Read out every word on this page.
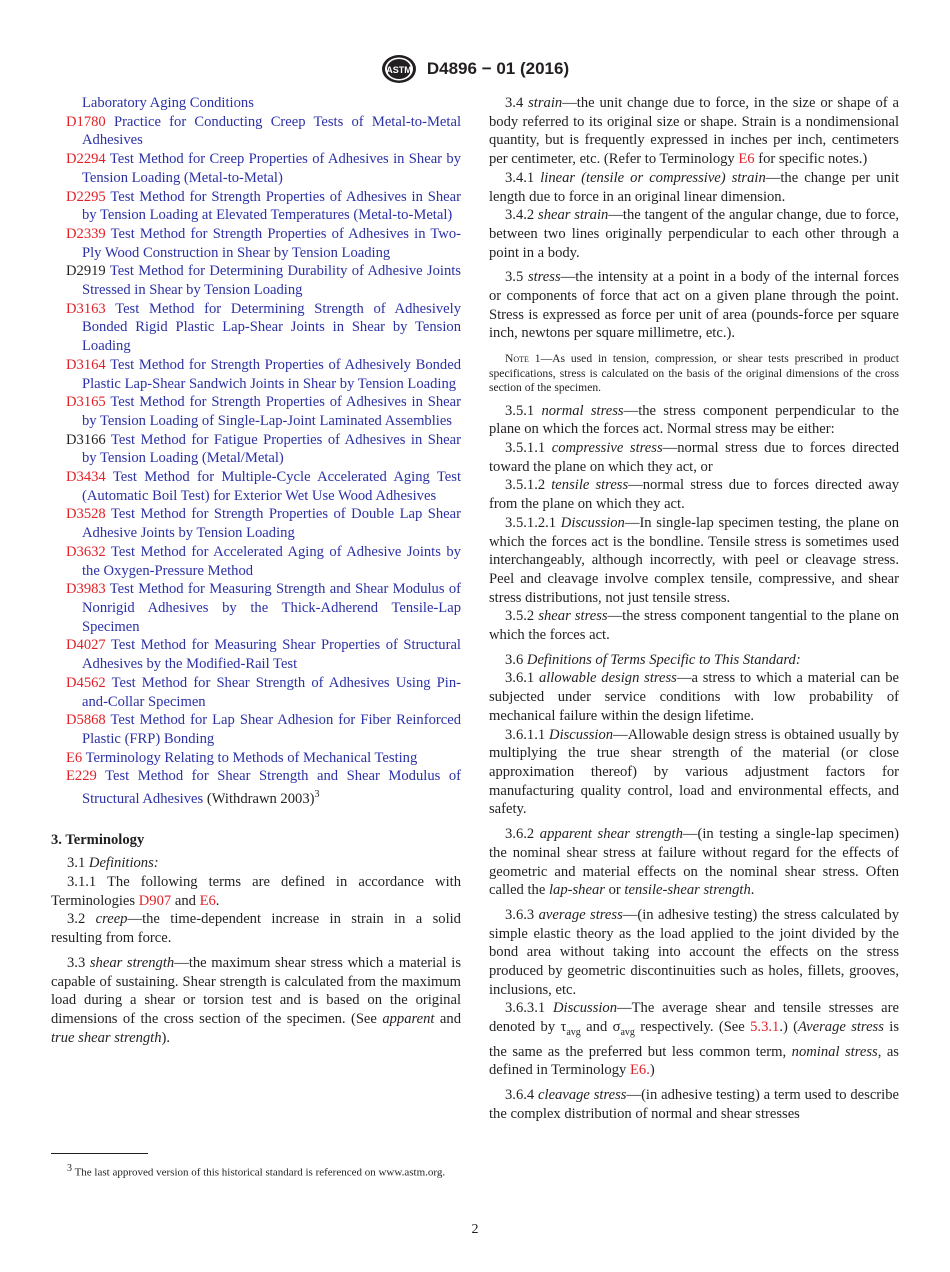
ASTM D4896 − 01 (2016)

Laboratory Aging Conditions

D1780 Practice for Conducting Creep Tests of Metal-to-Metal Adhesives

D2294 Test Method for Creep Properties of Adhesives in Shear by Tension Loading (Metal-to-Metal)

D2295 Test Method for Strength Properties of Adhesives in Shear by Tension Loading at Elevated Temperatures (Metal-to-Metal)

D2339 Test Method for Strength Properties of Adhesives in Two-Ply Wood Construction in Shear by Tension Loading

D2919 Test Method for Determining Durability of Adhesive Joints Stressed in Shear by Tension Loading

D3163 Test Method for Determining Strength of Adhesively Bonded Rigid Plastic Lap-Shear Joints in Shear by Tension Loading

D3164 Test Method for Strength Properties of Adhesively Bonded Plastic Lap-Shear Sandwich Joints in Shear by Tension Loading

D3165 Test Method for Strength Properties of Adhesives in Shear by Tension Loading of Single-Lap-Joint Laminated Assemblies

D3166 Test Method for Fatigue Properties of Adhesives in Shear by Tension Loading (Metal/Metal)

D3434 Test Method for Multiple-Cycle Accelerated Aging Test (Automatic Boil Test) for Exterior Wet Use Wood Adhesives

D3528 Test Method for Strength Properties of Double Lap Shear Adhesive Joints by Tension Loading

D3632 Test Method for Accelerated Aging of Adhesive Joints by the Oxygen-Pressure Method

D3983 Test Method for Measuring Strength and Shear Modulus of Nonrigid Adhesives by the Thick-Adherend Tensile-Lap Specimen

D4027 Test Method for Measuring Shear Properties of Structural Adhesives by the Modified-Rail Test

D4562 Test Method for Shear Strength of Adhesives Using Pin-and-Collar Specimen

D5868 Test Method for Lap Shear Adhesion for Fiber Reinforced Plastic (FRP) Bonding

E6 Terminology Relating to Methods of Mechanical Testing

E229 Test Method for Shear Strength and Shear Modulus of Structural Adhesives (Withdrawn 2003)$^3$

3. Terminology

3.1 Definitions:

3.1.1 The following terms are defined in accordance with Terminologies D907 and E6.

3.2 creep—the time-dependent increase in strain in a solid resulting from force.

3.3 shear strength—the maximum shear stress which a material is capable of sustaining. Shear strength is calculated from the maximum load during a shear or torsion test and is based on the original dimensions of the cross section of the specimen. (See apparent and true shear strength).

$^3$ The last approved version of this historical standard is referenced on www.astm.org.

3.4 strain—the unit change due to force, in the size or shape of a body referred to its original size or shape. Strain is a nondimensional quantity, but is frequently expressed in inches per inch, centimeters per centimeter, etc. (Refer to Terminology E6 for specific notes.)

3.4.1 linear (tensile or compressive) strain—the change per unit length due to force in an original linear dimension.

3.4.2 shear strain—the tangent of the angular change, due to force, between two lines originally perpendicular to each other through a point in a body.

3.5 stress—the intensity at a point in a body of the internal forces or components of force that act on a given plane through the point. Stress is expressed as force per unit of area (pounds-force per square inch, newtons per square millimetre, etc.).

Note 1—As used in tension, compression, or shear tests prescribed in product specifications, stress is calculated on the basis of the original dimensions of the cross section of the specimen.

3.5.1 normal stress—the stress component perpendicular to the plane on which the forces act. Normal stress may be either:

3.5.1.1 compressive stress—normal stress due to forces directed toward the plane on which they act, or

3.5.1.2 tensile stress—normal stress due to forces directed away from the plane on which they act.

3.5.1.2.1 Discussion—In single-lap specimen testing, the plane on which the forces act is the bondline. Tensile stress is sometimes used interchangeably, although incorrectly, with peel or cleavage stress. Peel and cleavage involve complex tensile, compressive, and shear stress distributions, not just tensile stress.

3.5.2 shear stress—the stress component tangential to the plane on which the forces act.

3.6 Definitions of Terms Specific to This Standard:

3.6.1 allowable design stress—a stress to which a material can be subjected under service conditions with low probability of mechanical failure within the design lifetime.

3.6.1.1 Discussion—Allowable design stress is obtained usually by multiplying the true shear strength of the material (or close approximation thereof) by various adjustment factors for manufacturing quality control, load and environmental effects, and safety.

3.6.2 apparent shear strength—(in testing a single-lap specimen) the nominal shear stress at failure without regard for the effects of geometric and material effects on the nominal shear stress. Often called the lap-shear or tensile-shear strength.

3.6.3 average stress—(in adhesive testing) the stress calculated by simple elastic theory as the load applied to the joint divided by the bond area without taking into account the effects on the stress produced by geometric discontinuities such as holes, fillets, grooves, inclusions, etc.

3.6.3.1 Discussion—The average shear and tensile stresses are denoted by $\tau_{avg}$ and $\sigma_{avg}$ respectively. (See 5.3.1.) (Average stress is the same as the preferred but less common term, nominal stress, as defined in Terminology E6.)

3.6.4 cleavage stress—(in adhesive testing) a term used to describe the complex distribution of normal and shear stresses

2
